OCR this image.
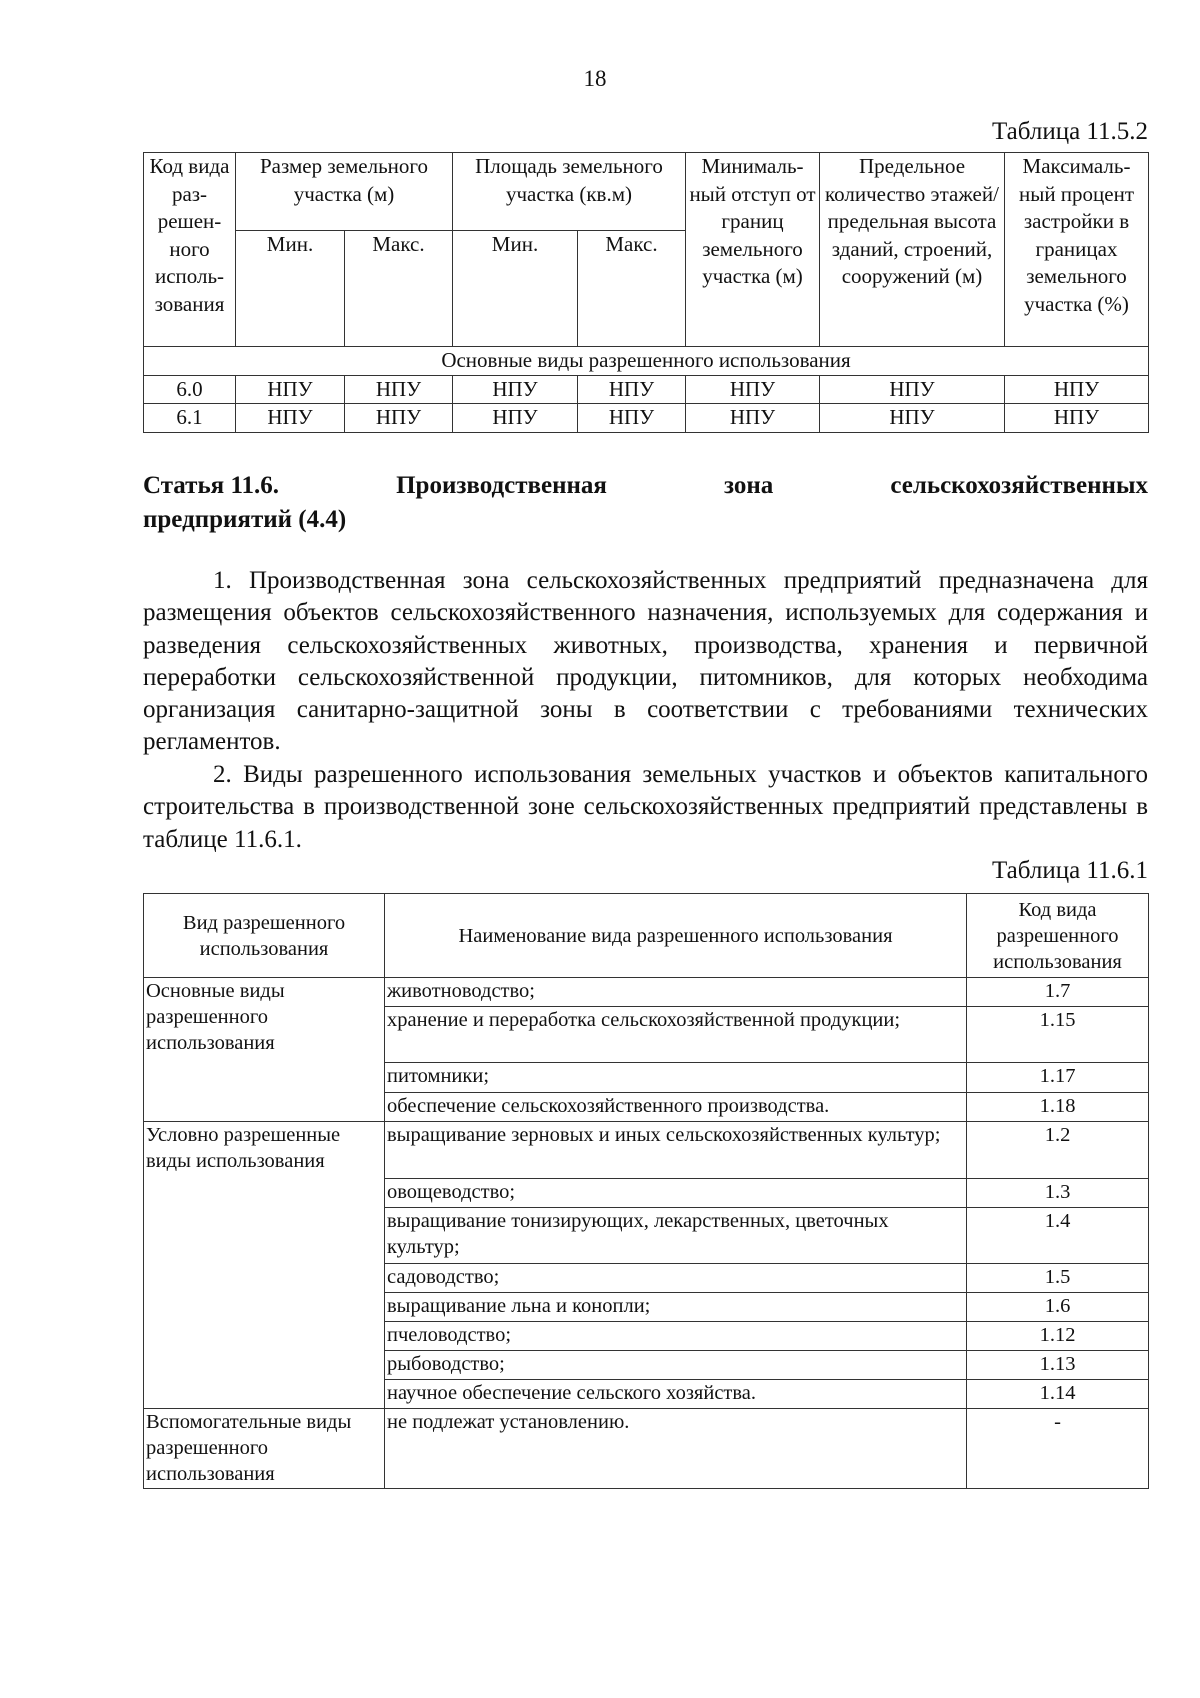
18
Таблица 11.5.2
Код вида раз-решен-ного исполь-зования	Размер земельного участка (м)		Площадь земельного участка (кв.м)		Минималь-ный отступ от границ земельного участка (м)	Предельное количество этажей/ предельная высота зданий, строений, сооружений (м)	Максималь-ный процент застройки в границах земельного участка (%)
	Мин.	Макс.	Мин.	Макс.			
Основные виды разрешенного использования							
6.0	НПУ	НПУ	НПУ	НПУ	НПУ	НПУ	НПУ
6.1	НПУ	НПУ	НПУ	НПУ	НПУ	НПУ	НПУ
Статья 11.6.	Производственная	зона	сельскохозяйственных
предприятий (4.4)

1. Производственная зона сельскохозяйственных предприятий предназначена для размещения объектов сельскохозяйственного назначения, используемых для содержания и разведения сельскохозяйственных животных, производства, хранения и первичной переработки сельскохозяйственной продукции, питомников, для которых необходима организация санитарно-защитной зоны в соответствии с требованиями технических регламентов.

2. Виды разрешенного использования земельных участков и объектов капитального строительства в производственной зоне сельскохозяйственных предприятий представлены в таблице 11.6.1.

Таблица 11.6.1
Вид разрешенного использования	Наименование вида разрешенного использования	Код вида разрешенного использования
Основные виды разрешенного использования	животноводство;	1.7
	хранение и переработка сельскохозяйственной продукции;	1.15
	питомники;	1.17
	обеспечение сельскохозяйственного производства.	1.18
Условно разрешенные виды использования	выращивание зерновых и иных сельскохозяйственных культур;	1.2
	овощеводство;	1.3
	выращивание тонизирующих, лекарственных, цветочных культур;	1.4
	садоводство;	1.5
	выращивание льна и конопли;	1.6
	пчеловодство;	1.12
	рыбоводство;	1.13
	научное обеспечение сельского хозяйства.	1.14
Вспомогательные виды разрешенного использования	не подлежат установлению.	-
